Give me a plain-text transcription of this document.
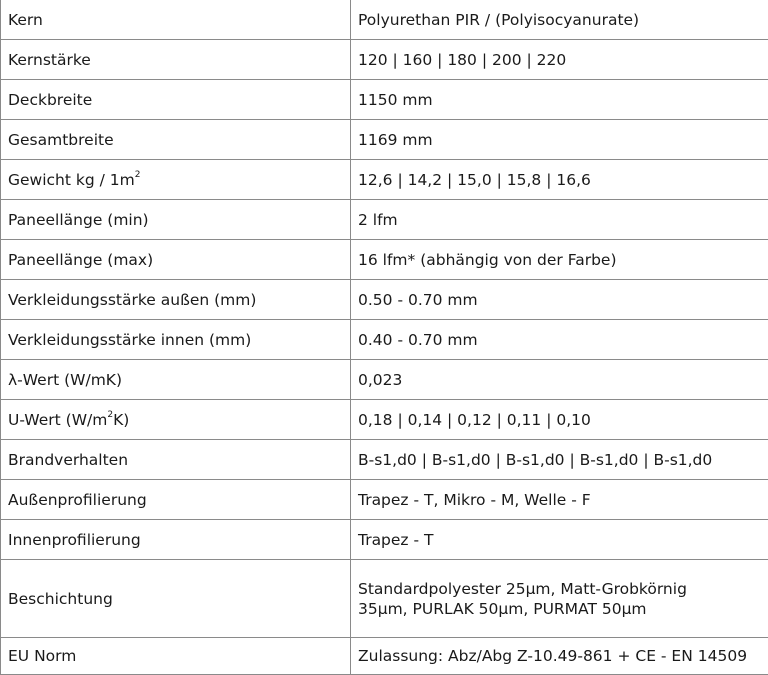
Kern	Polyurethan PIR / (Polyisocyanurate)
Kernstärke	120 | 160 | 180 | 200 | 220
Deckbreite	1150 mm
Gesamtbreite	1169 mm
Gewicht kg / $1m^2$	12,6 | 14,2 | 15,0 | 15,8 | 16,6
Paneellänge (min)	2 lfm
Paneellänge (max)	16 lfm* (abhängig von der Farbe)
Verkleidungsstärke außen (mm)	0.50 - 0.70 mm
Verkleidungsstärke innen (mm)	0.40 - 0.70 mm
λ-Wert (W/mK)	0,023
U-Wert $(W/m^2K)$	0,18 | 0,14 | 0,12 | 0,11 | 0,10
Brandverhalten	B-s1,d0 | B-s1,d0 | B-s1,d0 | B-s1,d0 | B-s1,d0
Außenprofilierung	Trapez - T, Mikro - M, Welle - F
Innenprofilierung	Trapez - T
Beschichtung	Standardpolyester 25µm, Matt-Grobkörnig 35µm, PURLAK 50µm, PURMAT 50µm
EU Norm	Zulassung: Abz/Abg Z-10.49-861 + CE - EN 14509
